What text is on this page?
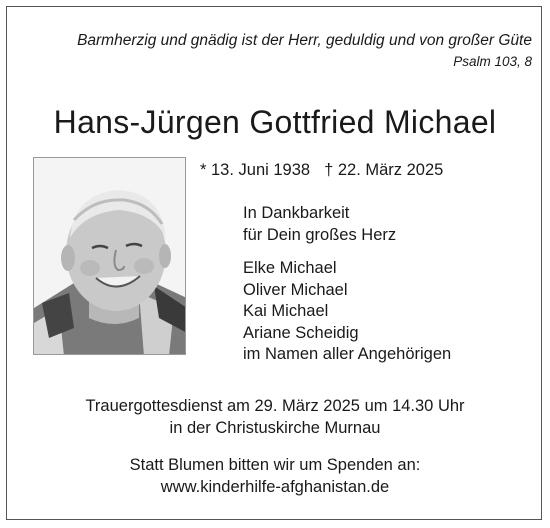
Barmherzig und gnädig ist der Herr, geduldig und von großer Güte
Psalm 103, 8
Hans-Jürgen Gottfried Michael
* 13. Juni 1938 † 22. März 2025
In Dankbarkeit
für Dein großes Herz
Elke Michael
Oliver Michael
Kai Michael
Ariane Scheidig
im Namen aller Angehörigen
Trauergottesdienst am 29. März 2025 um 14.30 Uhr
in der Christuskirche Murnau
Statt Blumen bitten wir um Spenden an:
www.kinderhilfe-afghanistan.de
